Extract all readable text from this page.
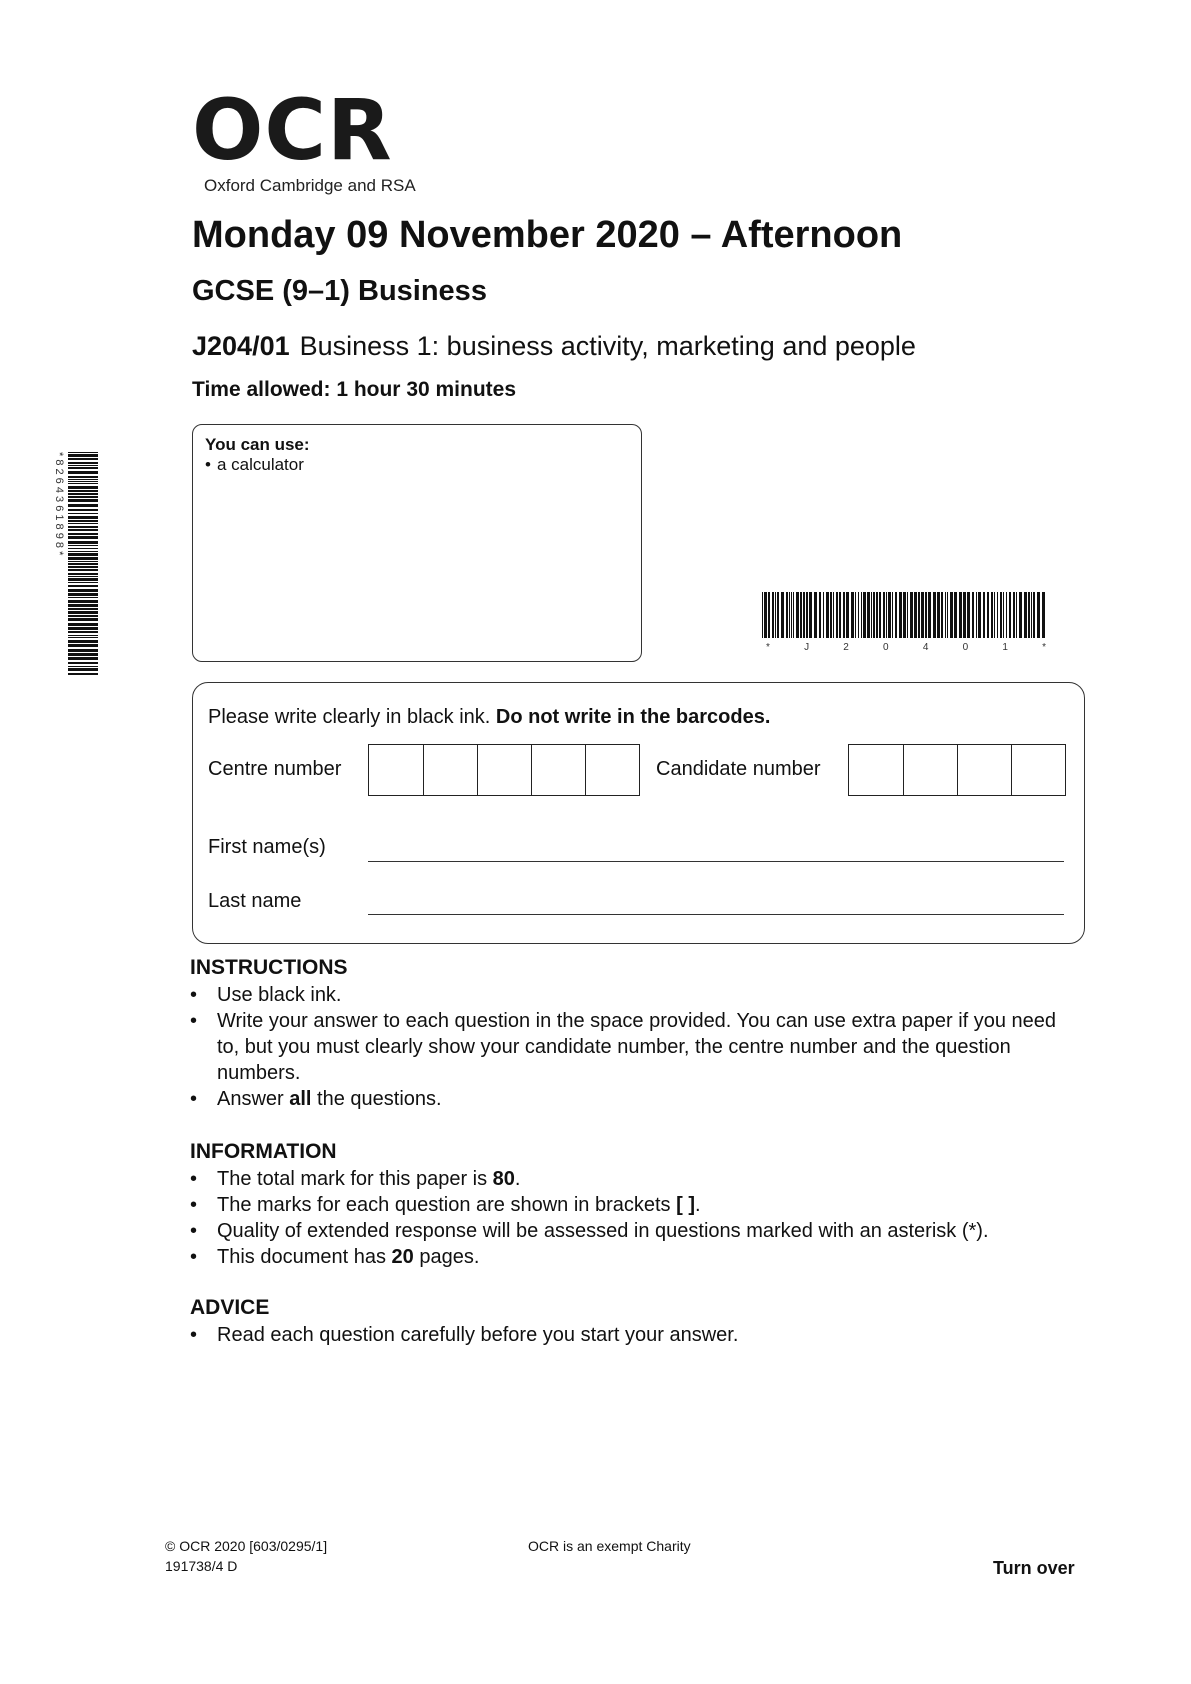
OCR
Oxford Cambridge and RSA
Monday 09 November 2020 – Afternoon
GCSE (9–1) Business
J204/01 Business 1: business activity, marketing and people
Time allowed: 1 hour 30 minutes
You can use:
• a calculator
* 8 2 6 4 3 6 1 8 9 8 *
* J 2 0 4 0 1 *
Please write clearly in black ink. Do not write in the barcodes.
Centre number	Candidate number
First name(s)
Last name
INSTRUCTIONS
• Use black ink.
• Write your answer to each question in the space provided. You can use extra paper if you need to, but you must clearly show your candidate number, the centre number and the question numbers.
• Answer all the questions.
INFORMATION
• The total mark for this paper is 80.
• The marks for each question are shown in brackets [ ].
• Quality of extended response will be assessed in questions marked with an asterisk (*).
• This document has 20 pages.
ADVICE
• Read each question carefully before you start your answer.
© OCR 2020 [603/0295/1]
191738/4 D
OCR is an exempt Charity
Turn over
